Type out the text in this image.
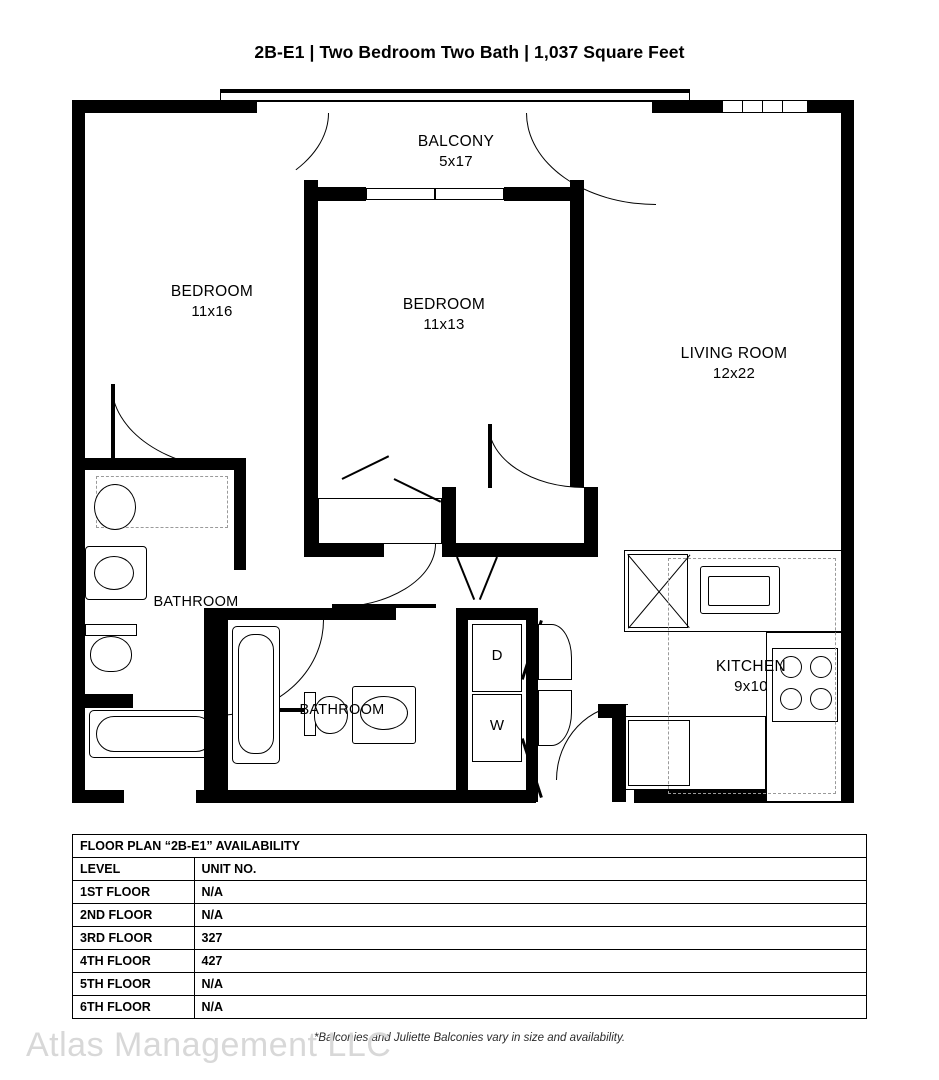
2B-E1 | Two Bedroom Two Bath | 1,037 Square Feet
D
W
BALCONY
5x17
BEDROOM
11x16	BEDROOM
11x13
LIVING ROOM
12x22
BATHROOM
BATHROOM
KITCHEN
9x10
FLOOR PLAN “2B-E1” AVAILABILITY	
LEVEL	UNIT NO.
1ST FLOOR	N/A
2ND FLOOR	N/A
3RD FLOOR	327
4TH FLOOR	427
5TH FLOOR	N/A
6TH FLOOR	N/A
*Balconies and Juliette Balconies vary in size and availability.
Atlas Management LLC
